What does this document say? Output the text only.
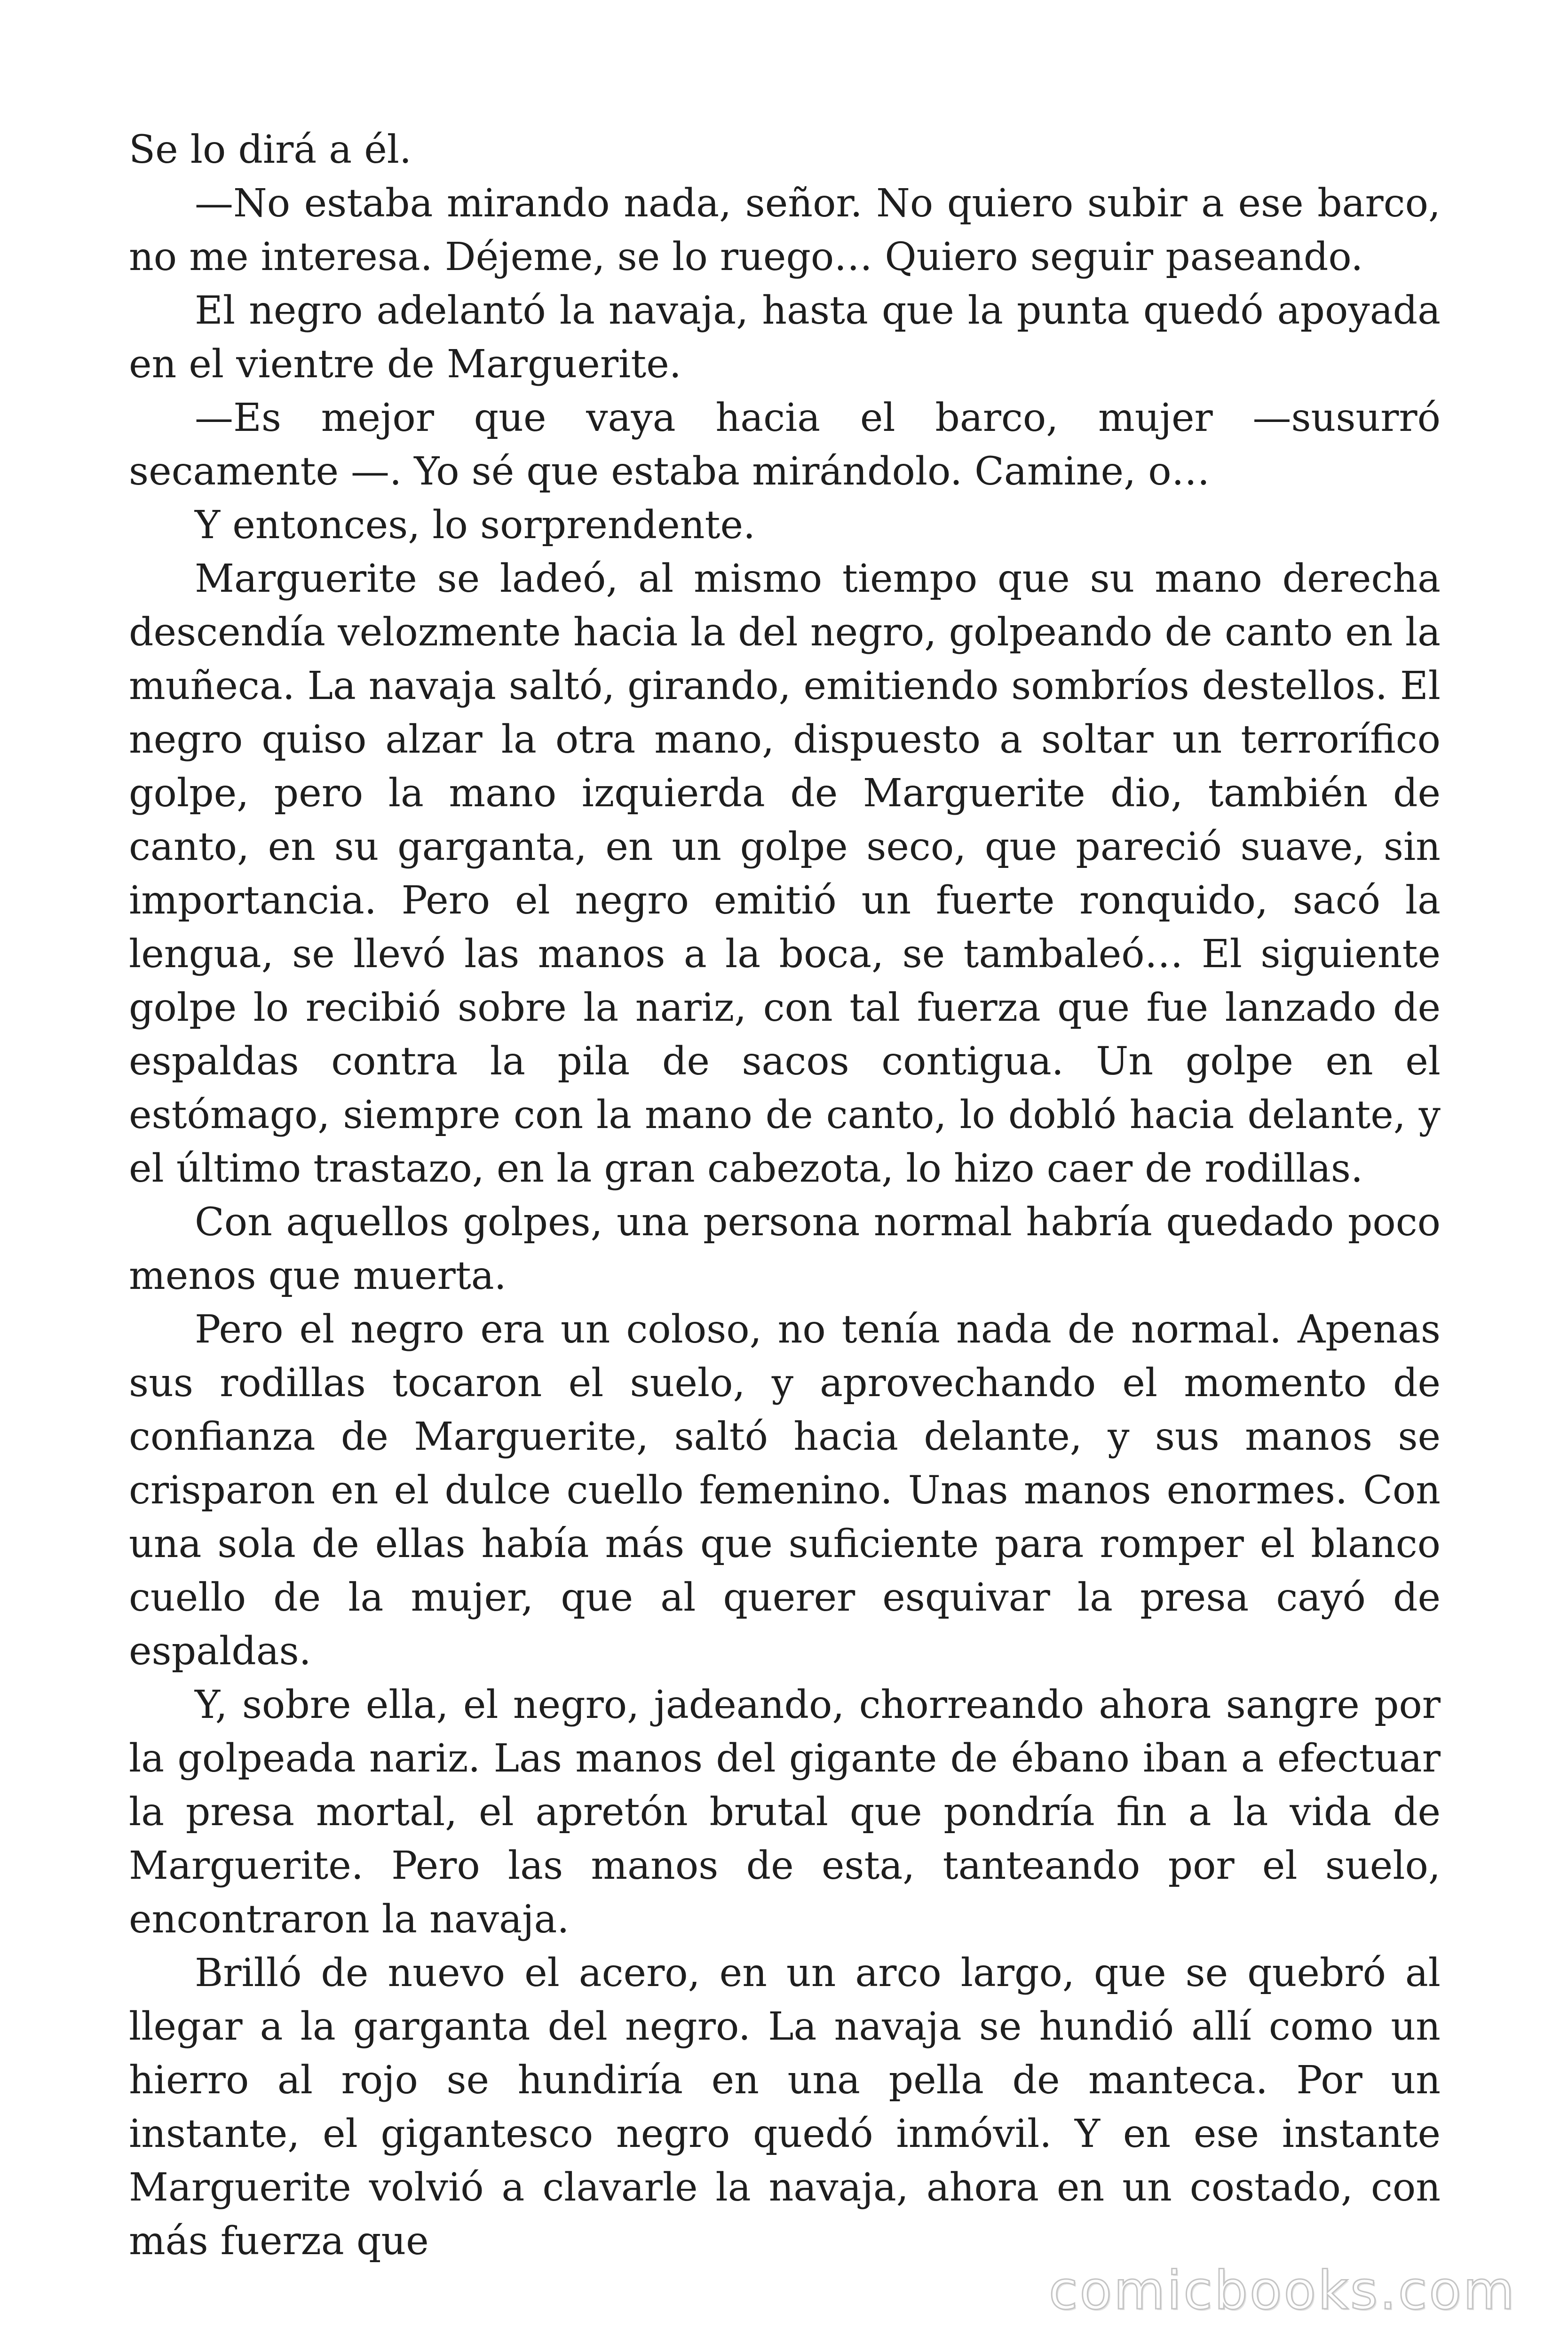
Se lo dirá a él.

—No estaba mirando nada, señor. No quiero subir a ese barco, no me interesa. Déjeme, se lo ruego… Quiero seguir paseando.

El negro adelantó la navaja, hasta que la punta quedó apoyada en el vientre de Marguerite.

—Es mejor que vaya hacia el barco, mujer —susurró secamente —. Yo sé que estaba mirándolo. Camine, o…

Y entonces, lo sorprendente.

Marguerite se ladeó, al mismo tiempo que su mano derecha descendía velozmente hacia la del negro, golpeando de canto en la muñeca. La navaja saltó, girando, emitiendo sombríos destellos. El negro quiso alzar la otra mano, dispuesto a soltar un terrorífico golpe, pero la mano izquierda de Marguerite dio, también de canto, en su garganta, en un golpe seco, que pareció suave, sin importancia. Pero el negro emitió un fuerte ronquido, sacó la lengua, se llevó las manos a la boca, se tambaleó… El siguiente golpe lo recibió sobre la nariz, con tal fuerza que fue lanzado de espaldas contra la pila de sacos contigua. Un golpe en el estómago, siempre con la mano de canto, lo dobló hacia delante, y el último trastazo, en la gran cabezota, lo hizo caer de rodillas.

Con aquellos golpes, una persona normal habría quedado poco menos que muerta.

Pero el negro era un coloso, no tenía nada de normal. Apenas sus rodillas tocaron el suelo, y aprovechando el momento de confianza de Marguerite, saltó hacia delante, y sus manos se crisparon en el dulce cuello femenino. Unas manos enormes. Con una sola de ellas había más que suficiente para romper el blanco cuello de la mujer, que al querer esquivar la presa cayó de espaldas.

Y, sobre ella, el negro, jadeando, chorreando ahora sangre por la golpeada nariz. Las manos del gigante de ébano iban a efectuar la presa mortal, el apretón brutal que pondría fin a la vida de Marguerite. Pero las manos de esta, tanteando por el suelo, encontraron la navaja.

Brilló de nuevo el acero, en un arco largo, que se quebró al llegar a la garganta del negro. La navaja se hundió allí como un hierro al rojo se hundiría en una pella de manteca. Por un instante, el gigantesco negro quedó inmóvil. Y en ese instante Marguerite volvió a clavarle la navaja, ahora en un costado, con más fuerza que

comicbooks.com
